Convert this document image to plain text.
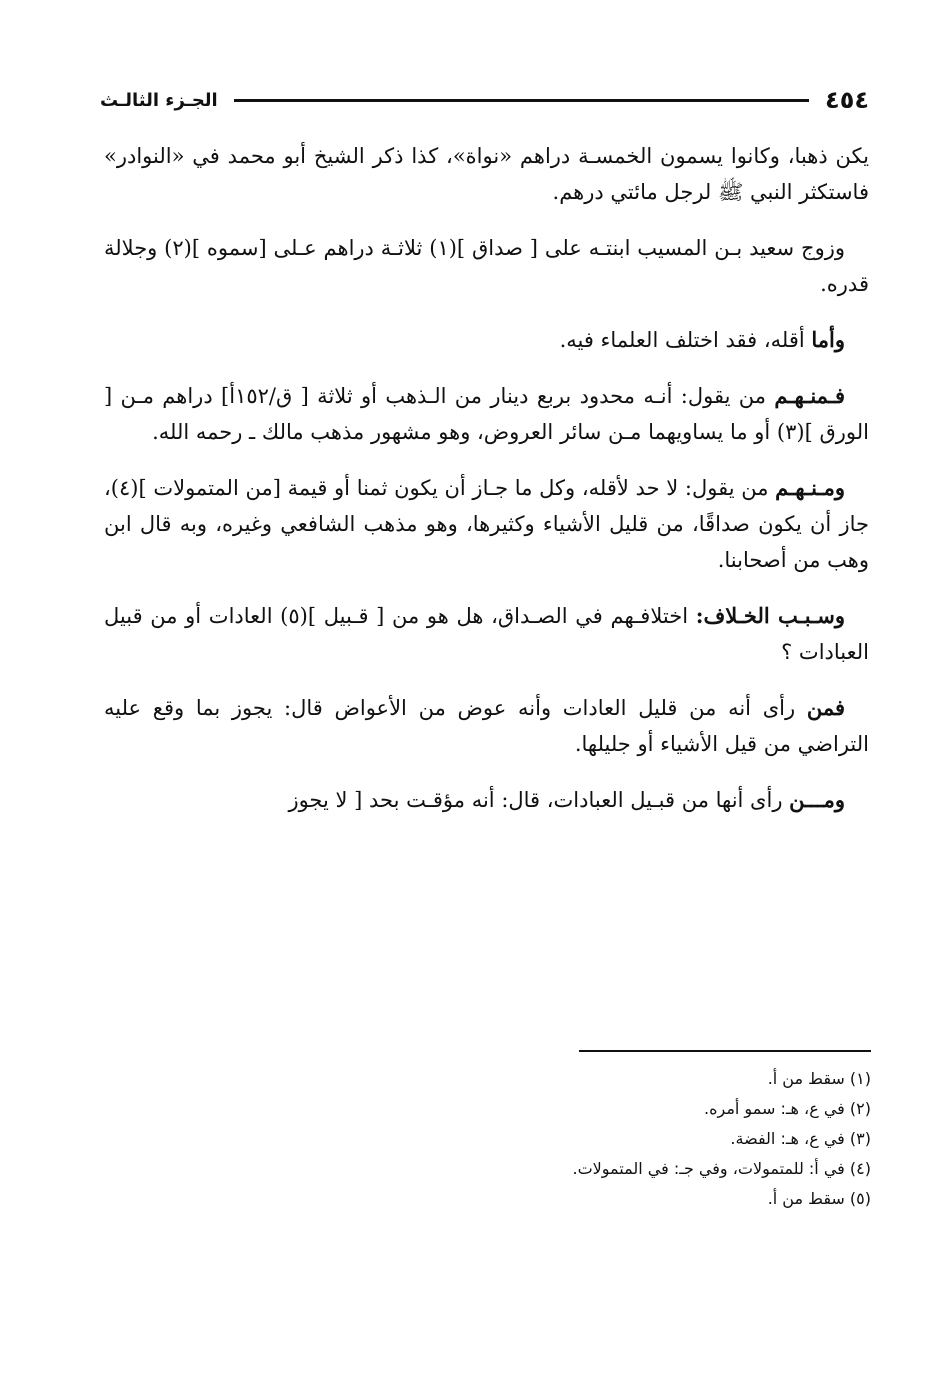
٤٥٤
الجـزء الثالـث

يكن ذهبا، وكانوا يسمون الخمسـة دراهم «نواة»، كذا ذكر الشيخ أبو محمد في «النوادر» فاستكثر النبي ﷺ لرجل مائتي درهم.

وزوج سعيد بـن المسيب ابنتـه على [ صداق ](١) ثلاثـة دراهم عـلى [سموه ](٢) وجلالة قدره.

وأما أقله، فقد اختلف العلماء فيه.

فـمنـهـم من يقول: أنـه محدود بربع دينار من الـذهب أو ثلاثة [ ق/١٥٢أ] دراهم مـن [ الورق ](٣) أو ما يساويهما مـن سائر العروض، وهو مشهور مذهب مالك ـ رحمه الله.

ومـنـهـم من يقول: لا حد لأقله، وكل ما جـاز أن يكون ثمنا أو قيمة [من المتمولات ](٤)، جاز أن يكون صداقًا، من قليل الأشياء وكثيرها، وهو مذهب الشافعي وغيره، وبه قال ابن وهب من أصحابنا.

وسـبـب الخـلاف: اختلافـهم في الصـداق، هل هو من [ قـبيل ](٥) العادات أو من قبيل العبادات ؟

فمن رأى أنه من قليل العادات وأنه عوض من الأعواض قال: يجوز بما وقع عليه التراضي من قيل الأشياء أو جليلها.

ومـــن رأى أنها من قبـيل العبادات، قال: أنه مؤقـت بحد [ لا يجوز

(١) سقط من أ.
(٢) في ع، هـ: سمو أمره.
(٣) في ع، هـ: الفضة.
(٤) في أ: للمتمولات، وفي جـ: في المتمولات.
(٥) سقط من أ.
